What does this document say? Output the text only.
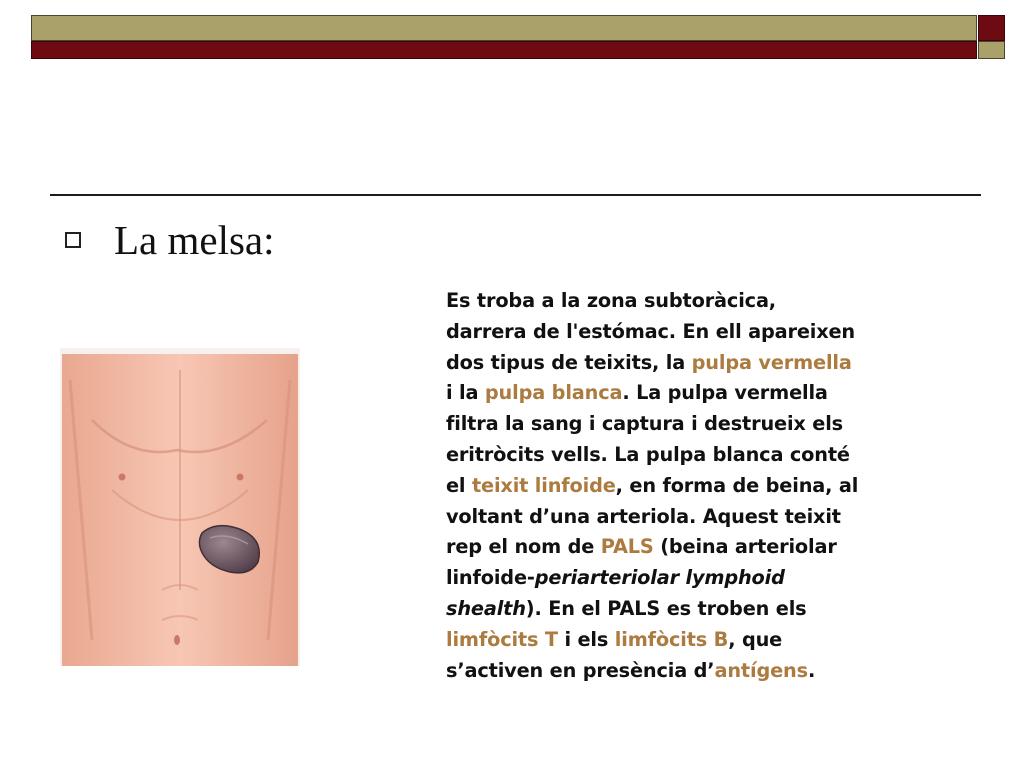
La melsa:

Es troba a la zona subtoràcica,
darrera de l'estómac. En ell apareixen
dos tipus de teixits, la pulpa vermella
i la pulpa blanca. La pulpa vermella
filtra la sang i captura i destrueix els
eritròcits vells. La pulpa blanca conté
el teixit linfoide, en forma de beina, al
voltant d’una arteriola. Aquest teixit
rep el nom de PALS (beina arteriolar
linfoide-periarteriolar lymphoid
shealth). En el PALS es troben els
limfòcits T i els limfòcits B, que
s’activen en presència d’antígens.
